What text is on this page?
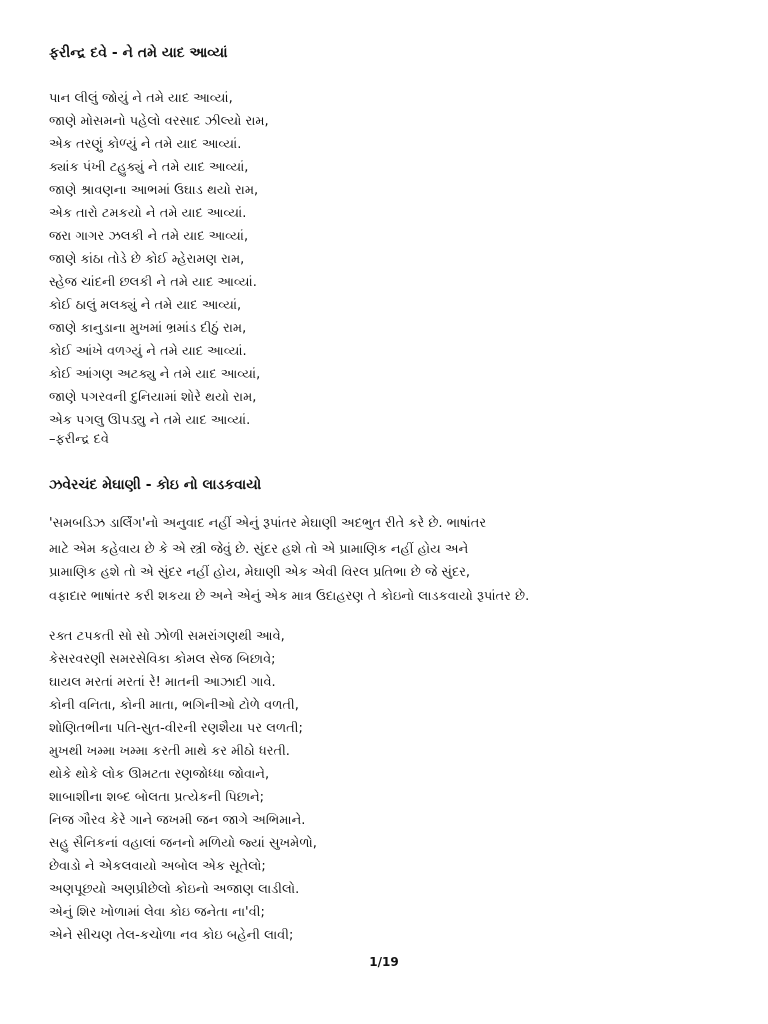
ફરીન્દ્ર દવે - ને તમે યાદ આવ્યાં
પાન લીલું જોયું ને તમે યાદ આવ્યાં,
જાણે મોસમનો પહેલો વરસાદ ઝીલ્યો રામ,
એક તરણું કોળ્યું ને તમે યાદ આવ્યાં.
ક્યાંક પંખી ટહુક્યું ને તમે યાદ આવ્યાં,
જાણે શ્રાવણના આભમાં ઉઘાડ થયો રામ,
એક તારો ટમકયો ને તમે યાદ આવ્યાં.
જરા ગાગર ઝલકી ને તમે યાદ આવ્યાં,
જાણે કાંઠા તોડે છે કોઈ મ્હેરામણ રામ,
સ્હેજ ચાંદની છલકી ને તમે યાદ આવ્યાં.
કોઈ ઠાલું મલક્યું ને તમે યાદ આવ્યાં,
જાણે કાનુડાના મુખમાં ભ્રમાંડ દીઠું રામ,
કોઈ આંખે વળગ્યું ને તમે યાદ આવ્યાં.
કોઈ આંગણ અટક્યુ ને તમે યાદ આવ્યાં,
જાણે પગરવની દુનિયામાં શોરે થયો રામ,
એક પગલુ ઊપડ્યુ ને તમે યાદ આવ્યાં.
–ફરીન્દ્ર દવે
ઝવેરચંદ મેઘાણી - કોઇ નો લાડકવાયો
'સમબડિઝ ડાર્લિંગ'નો અનુવાદ નહીં એનું રૂપાંતર મેઘાણી અદભુત રીતે કરે છે. ભાષાંતર
માટે એમ કહેવાય છે કે એ સ્ત્રી જેવું છે. સુંદર હશે તો એ પ્રામાણિક નહીં હોય અને
પ્રામાણિક હશે તો એ સુંદર નહીં હોય, મેઘાણી એક એવી વિરલ પ્રતિભા છે જે સુંદર,
વફાદાર ભાષાંતર કરી શકયા છે અને એનું એક માત્ર ઉદાહરણ તે કોઇનો લાડકવાયો રૂપાંતર છે.
રક્ત ટપકતી સો સો ઝોળી સમરાંગણથી આવે,
કેસરવરણી સમરસેવિકા કોમલ સેજ બિછાવે;
ઘાયલ મરતાં મરતાં રે! માતની આઝાદી ગાવે.
કોની વનિતા, કોની માતા, ભગિનીઓ ટોળે વળતી,
શોણિતભીના પતિ-સુત-વીરની રણશૈયા પર લળતી;
મુખથી ખમ્મા ખમ્મા કરતી માથે કર મીઠો ધરતી.
થોકે થોકે લોક ઊમટતા રણજોધ્ધા જોવાને,
શાબાશીના શબ્દ બોલતા પ્રત્યેકની પિછાને;
નિજ ગૌરવ કેરે ગાને જખમી જન જાગે અભિમાને.
સહુ સૈનિકનાં વહાલાં જનનો મળિયો જ્યાં સુખમેળો,
છેવાડો ને એકલવાયો અબોલ એક સૂતેલો;
અણપૂછયો અણપ્રીછેલો કોઇનો અજાણ લાડીલો.
એનું શિર ખોળામાં લેવા કોઇ જનેતા ના'વી;
એને સીચણ તેલ-કચોળા નવ કોઇ બહેની લાવી;
1/19
